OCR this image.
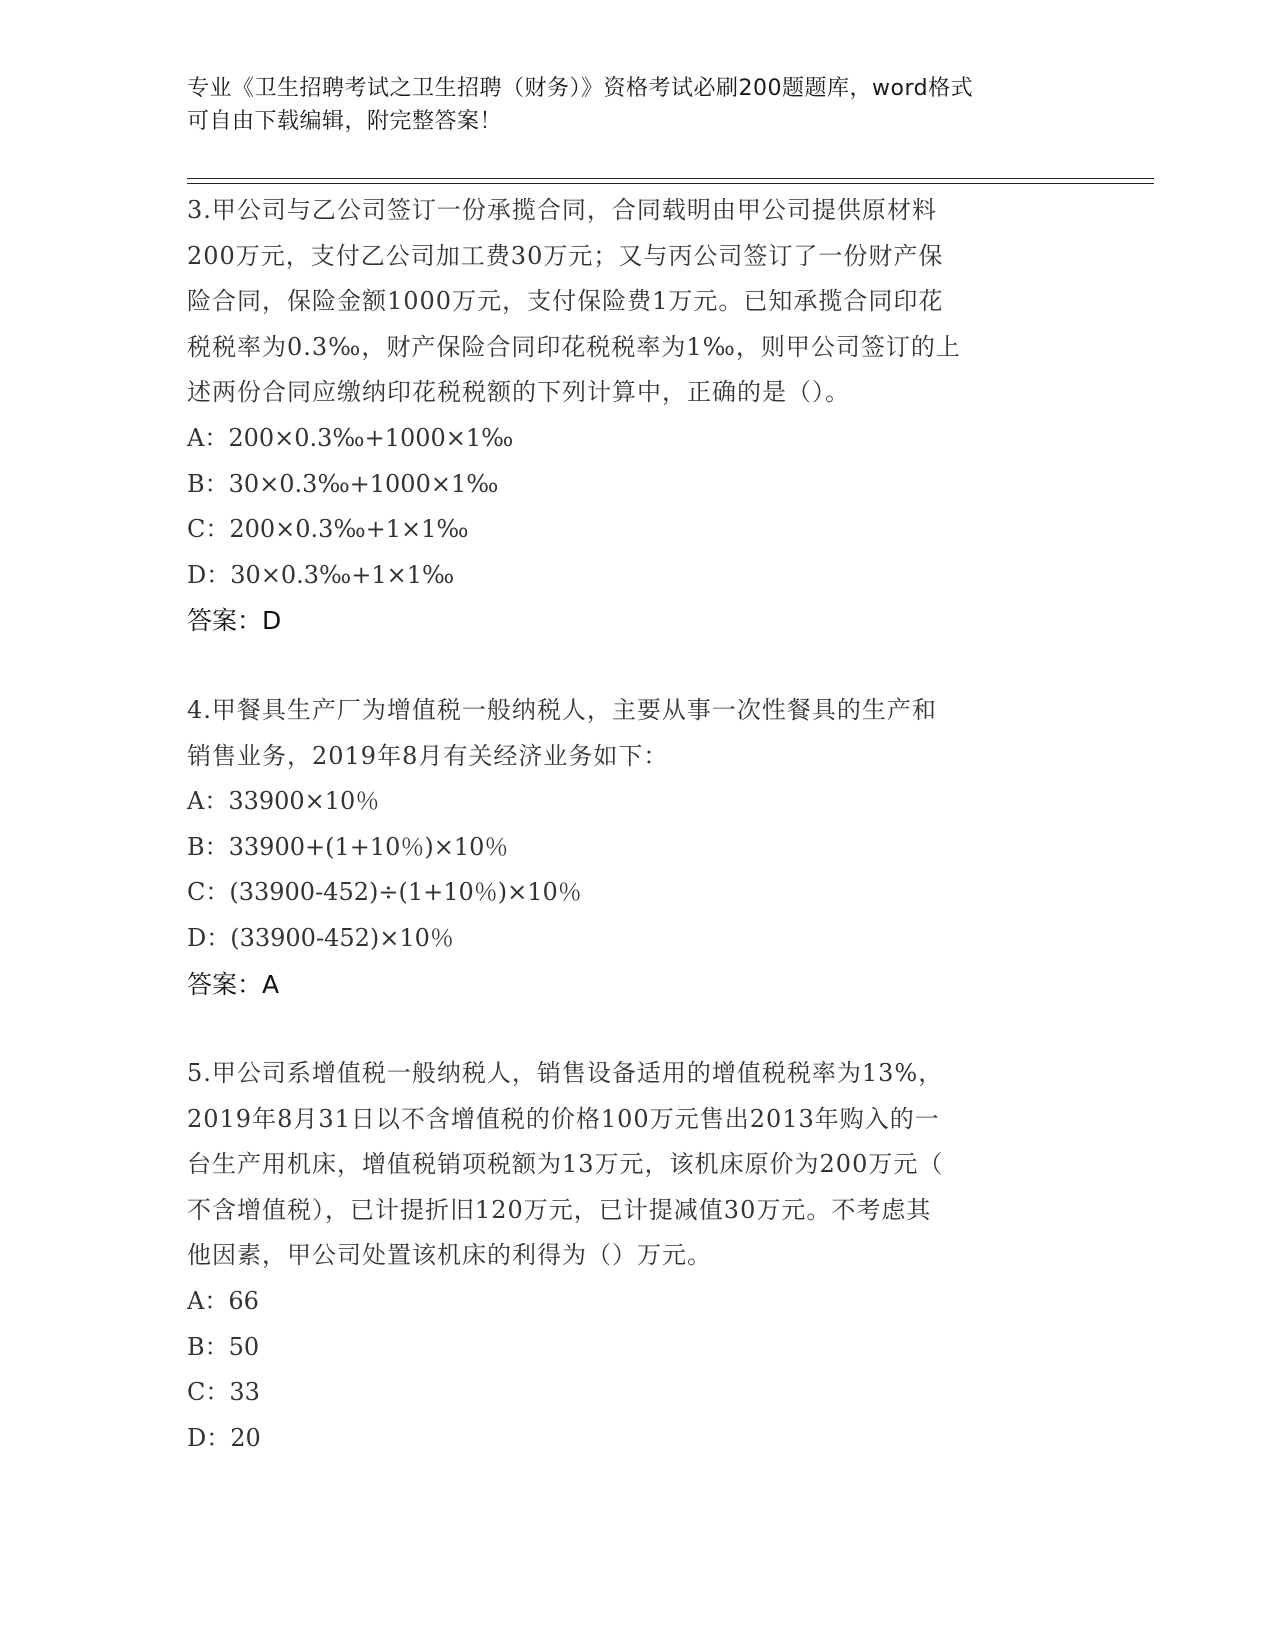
专业《卫生招聘考试之卫生招聘（财务）》资格考试必刷200题题库，word格式
可自由下载编辑，附完整答案！
3.甲公司与乙公司签订一份承揽合同，合同载明由甲公司提供原材料
200万元，支付乙公司加工费30万元；又与丙公司签订了一份财产保
险合同，保险金额1000万元，支付保险费1万元。已知承揽合同印花
税税率为0.3‰，财产保险合同印花税税率为1‰，则甲公司签订的上
述两份合同应缴纳印花税税额的下列计算中，正确的是（）。
A：200×0.3‰+1000×1‰
B：30×0.3‰+1000×1‰
C：200×0.3‰+1×1‰
D：30×0.3‰+1×1‰
答案：D
4.甲餐具生产厂为增值税一般纳税人，主要从事一次性餐具的生产和
销售业务，2019年8月有关经济业务如下：
A：33900×10％
B：33900+(1+10％)×10％
C：(33900-452)÷(1+10％)×10％
D：(33900-452)×10％
答案：A
5.甲公司系增值税一般纳税人，销售设备适用的增值税税率为13%，
2019年8月31日以不含增值税的价格100万元售出2013年购入的一
台生产用机床，增值税销项税额为13万元，该机床原价为200万元（
不含增值税），已计提折旧120万元，已计提减值30万元。不考虑其
他因素，甲公司处置该机床的利得为（）万元。
A：66
B：50
C：33
D：20
